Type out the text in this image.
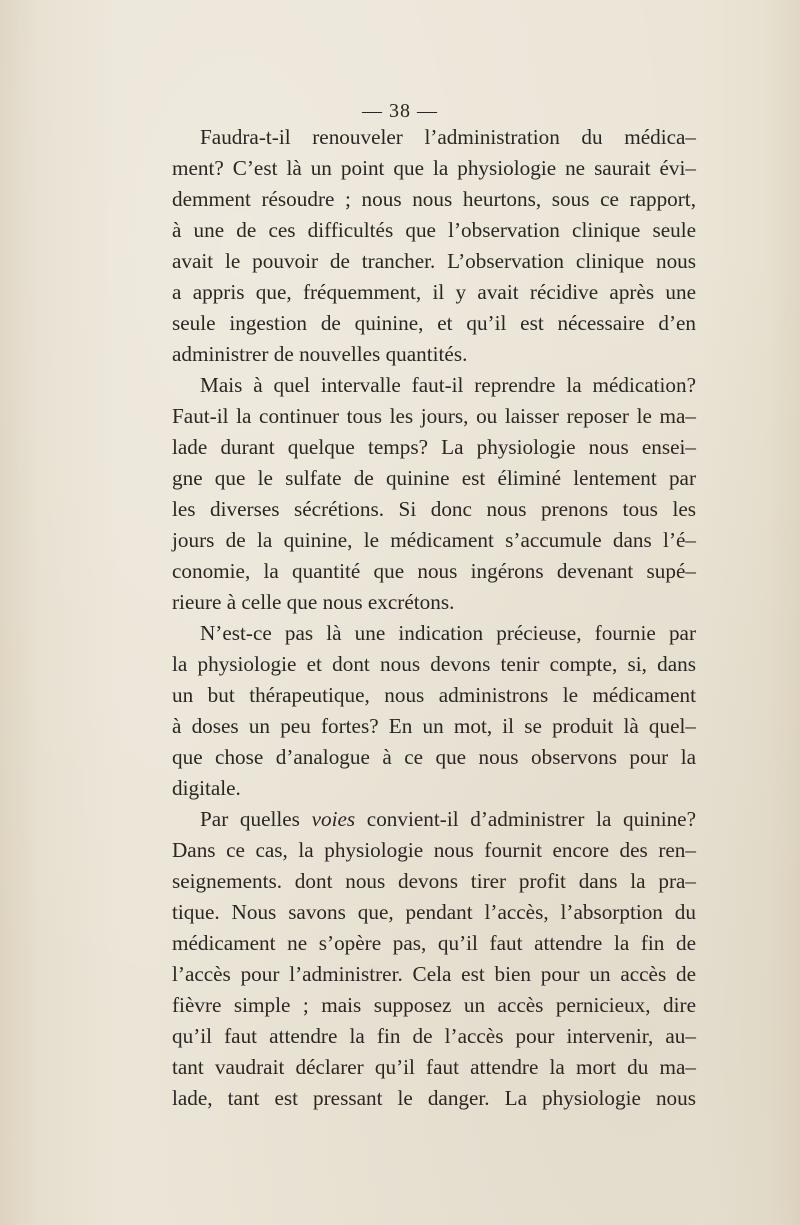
— 38 —
Faudra-t-il renouveler l’administration du médica–
ment? C’est là un point que la physiologie ne saurait évi–
demment résoudre ; nous nous heurtons, sous ce rapport,
à une de ces difficultés que l’observation clinique seule
avait le pouvoir de trancher. L’observation clinique nous
a appris que, fréquemment, il y avait récidive après une
seule ingestion de quinine, et qu’il est nécessaire d’en
administrer de nouvelles quantités.
Mais à quel intervalle faut-il reprendre la médication?
Faut-il la continuer tous les jours, ou laisser reposer le ma–
lade durant quelque temps? La physiologie nous ensei–
gne que le sulfate de quinine est éliminé lentement par
les diverses sécrétions. Si donc nous prenons tous les
jours de la quinine, le médicament s’accumule dans l’é–
conomie, la quantité que nous ingérons devenant supé–
rieure à celle que nous excrétons.
N’est-ce pas là une indication précieuse, fournie par
la physiologie et dont nous devons tenir compte, si, dans
un but thérapeutique, nous administrons le médicament
à doses un peu fortes? En un mot, il se produit là quel–
que chose d’analogue à ce que nous observons pour la
digitale.
Par quelles voies convient-il d’administrer la quinine?
Dans ce cas, la physiologie nous fournit encore des ren–
seignements. dont nous devons tirer profit dans la pra–
tique. Nous savons que, pendant l’accès, l’absorption du
médicament ne s’opère pas, qu’il faut attendre la fin de
l’accès pour l’administrer. Cela est bien pour un accès de
fièvre simple ; mais supposez un accès pernicieux, dire
qu’il faut attendre la fin de l’accès pour intervenir, au–
tant vaudrait déclarer qu’il faut attendre la mort du ma–
lade, tant est pressant le danger. La physiologie nous
